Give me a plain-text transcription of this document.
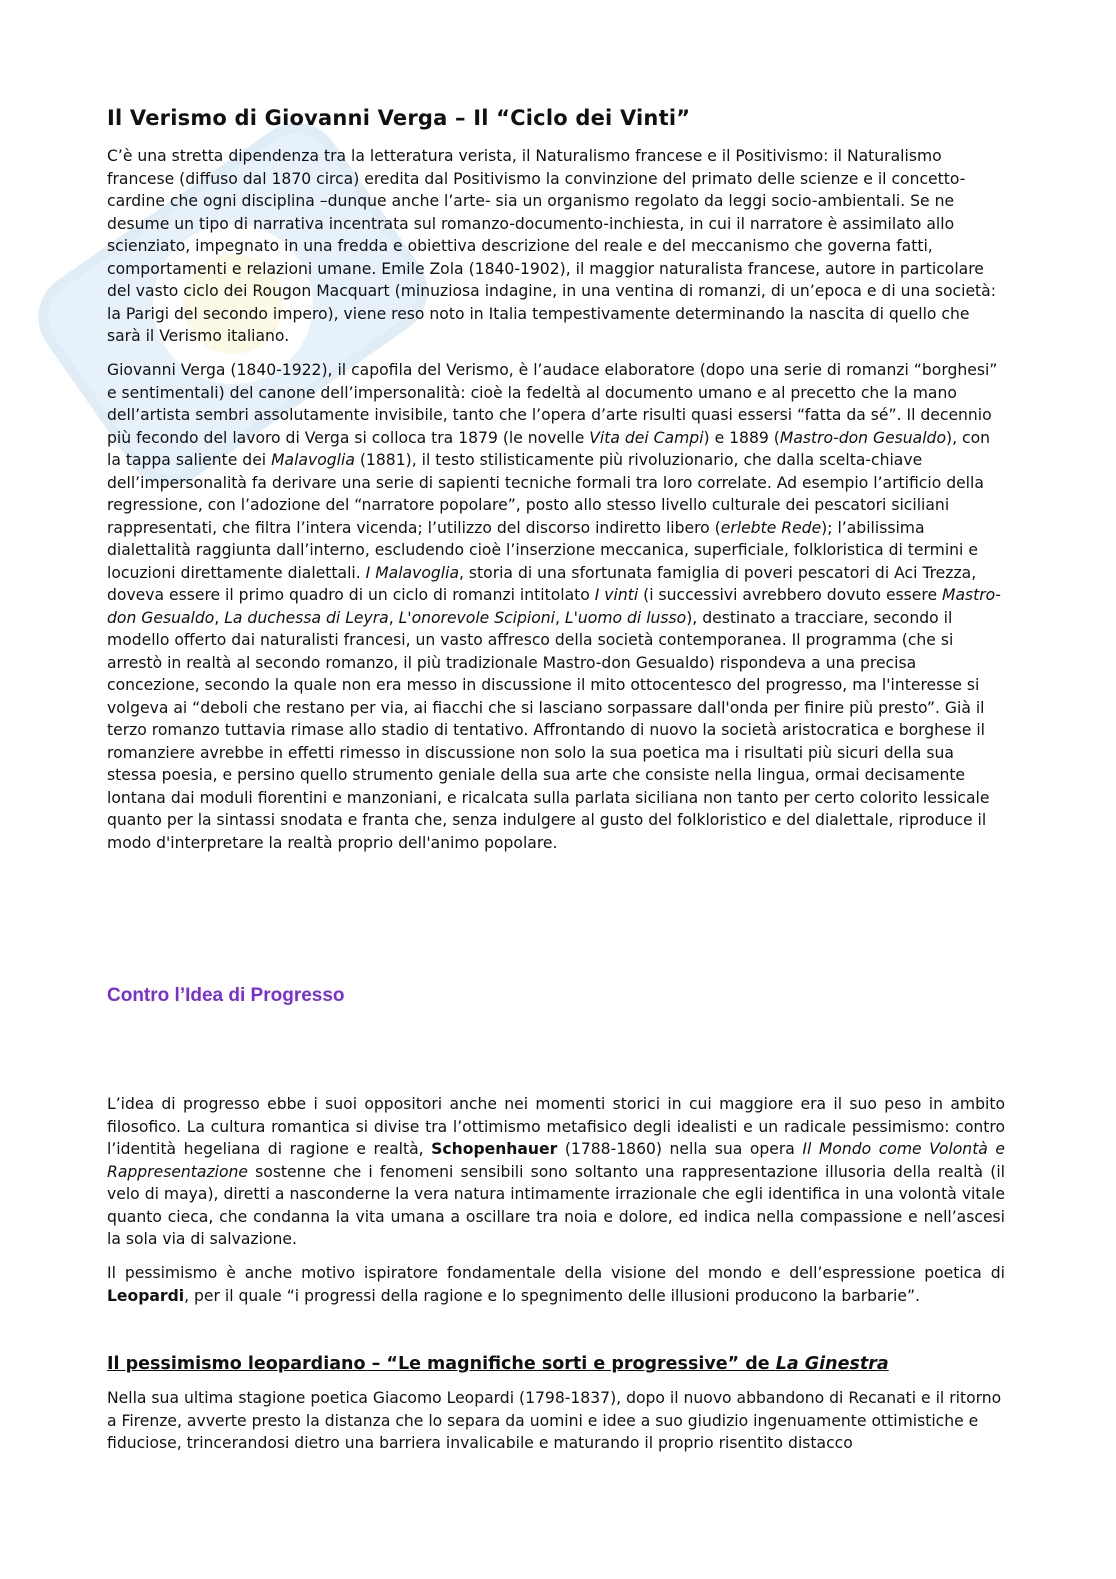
Il Verismo di Giovanni Verga – Il “Ciclo dei Vinti”

C’è una stretta dipendenza tra la letteratura verista, il Naturalismo francese e il Positivismo: il Naturalismo francese (diffuso dal 1870 circa) eredita dal Positivismo la convinzione del primato delle scienze e il concetto-cardine che ogni disciplina –dunque anche l’arte- sia un organismo regolato da leggi socio-ambientali. Se ne desume un tipo di narrativa incentrata sul romanzo-documento-inchiesta, in cui il narratore è assimilato allo scienziato, impegnato in una fredda e obiettiva descrizione del reale e del meccanismo che governa fatti, comportamenti e relazioni umane. Emile Zola (1840-1902), il maggior naturalista francese, autore in particolare del vasto ciclo dei Rougon Macquart (minuziosa indagine, in una ventina di romanzi, di un’epoca e di una società: la Parigi del secondo impero), viene reso noto in Italia tempestivamente determinando la nascita di quello che sarà il Verismo italiano.

Giovanni Verga (1840-1922), il capofila del Verismo, è l’audace elaboratore (dopo una serie di romanzi “borghesi” e sentimentali) del canone dell’impersonalità: cioè la fedeltà al documento umano e al precetto che la mano dell’artista sembri assolutamente invisibile, tanto che l’opera d’arte risulti quasi essersi “fatta da sé”. Il decennio più fecondo del lavoro di Verga si colloca tra 1879 (le novelle Vita dei Campi) e 1889 (Mastro-don Gesualdo), con la tappa saliente dei Malavoglia (1881), il testo stilisticamente più rivoluzionario, che dalla scelta-chiave dell’impersonalità fa derivare una serie di sapienti tecniche formali tra loro correlate. Ad esempio l’artificio della regressione, con l’adozione del “narratore popolare”, posto allo stesso livello culturale dei pescatori siciliani rappresentati, che filtra l’intera vicenda; l’utilizzo del discorso indiretto libero (erlebte Rede); l’abilissima dialettalità raggiunta dall’interno, escludendo cioè l’inserzione meccanica, superficiale, folkloristica di termini e locuzioni direttamente dialettali. I Malavoglia, storia di una sfortunata famiglia di poveri pescatori di Aci Trezza, doveva essere il primo quadro di un ciclo di romanzi intitolato I vinti (i successivi avrebbero dovuto essere Mastro-don Gesualdo, La duchessa di Leyra, L'onorevole Scipioni, L'uomo di lusso), destinato a tracciare, secondo il modello offerto dai naturalisti francesi, un vasto affresco della società contemporanea. Il programma (che si arrestò in realtà al secondo romanzo, il più tradizionale Mastro-don Gesualdo) rispondeva a una precisa concezione, secondo la quale non era messo in discussione il mito ottocentesco del progresso, ma l'interesse si volgeva ai “deboli che restano per via, ai fiacchi che si lasciano sorpassare dall'onda per finire più presto”. Già il terzo romanzo tuttavia rimase allo stadio di tentativo. Affrontando di nuovo la società aristocratica e borghese il romanziere avrebbe in effetti rimesso in discussione non solo la sua poetica ma i risultati più sicuri della sua stessa poesia, e persino quello strumento geniale della sua arte che consiste nella lingua, ormai decisamente lontana dai moduli fiorentini e manzoniani, e ricalcata sulla parlata siciliana non tanto per certo colorito lessicale quanto per la sintassi snodata e franta che, senza indulgere al gusto del folkloristico e del dialettale, riproduce il modo d'interpretare la realtà proprio dell'animo popolare.

Contro l’Idea di Progresso

L’idea di progresso ebbe i suoi oppositori anche nei momenti storici in cui maggiore era il suo peso in ambito filosofico. La cultura romantica si divise tra l’ottimismo metafisico degli idealisti e un radicale pessimismo: contro l’identità hegeliana di ragione e realtà, Schopenhauer (1788-1860) nella sua opera Il Mondo come Volontà e Rappresentazione sostenne che i fenomeni sensibili sono soltanto una rappresentazione illusoria della realtà (il velo di maya), diretti a nasconderne la vera natura intimamente irrazionale che egli identifica in una volontà vitale quanto cieca, che condanna la vita umana a oscillare tra noia e dolore, ed indica nella compassione e nell’ascesi la sola via di salvazione.

Il pessimismo è anche motivo ispiratore fondamentale della visione del mondo e dell’espressione poetica di Leopardi, per il quale “i progressi della ragione e lo spegnimento delle illusioni producono la barbarie”.

Il pessimismo leopardiano – “Le magnifiche sorti e progressive” de La Ginestra

Nella sua ultima stagione poetica Giacomo Leopardi (1798-1837), dopo il nuovo abbandono di Recanati e il ritorno a Firenze, avverte presto la distanza che lo separa da uomini e idee a suo giudizio ingenuamente ottimistiche e fiduciose, trincerandosi dietro una barriera invalicabile e maturando il proprio risentito distacco
